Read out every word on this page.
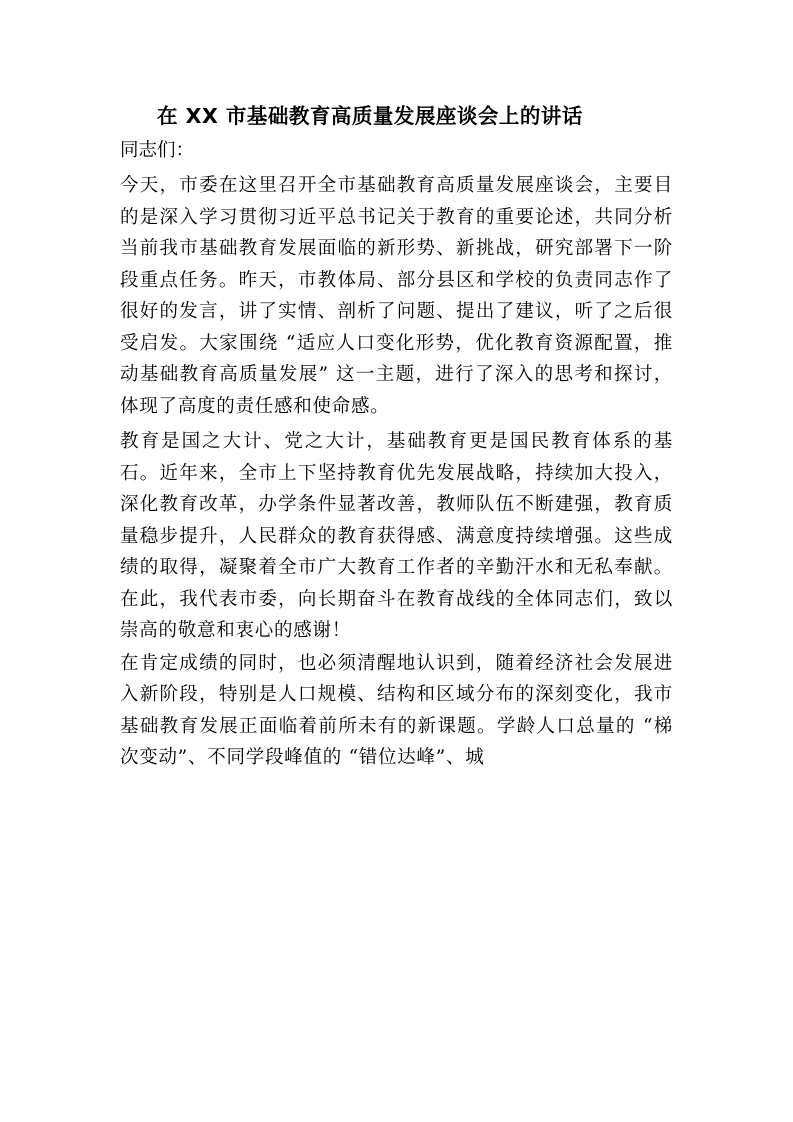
在 XX 市基础教育高质量发展座谈会上的讲话
同志们：

今天，市委在这里召开全市基础教育高质量发展座谈会，主要目的是深入学习贯彻习近平总书记关于教育的重要论述，共同分析当前我市基础教育发展面临的新形势、新挑战，研究部署下一阶段重点任务。昨天，市教体局、部分县区和学校的负责同志作了很好的发言，讲了实情、剖析了问题、提出了建议，听了之后很受启发。大家围绕 “适应人口变化形势，优化教育资源配置，推动基础教育高质量发展” 这一主题，进行了深入的思考和探讨，体现了高度的责任感和使命感。

教育是国之大计、党之大计，基础教育更是国民教育体系的基石。近年来，全市上下坚持教育优先发展战略，持续加大投入，深化教育改革，办学条件显著改善，教师队伍不断建强，教育质量稳步提升，人民群众的教育获得感、满意度持续增强。这些成绩的取得，凝聚着全市广大教育工作者的辛勤汗水和无私奉献。在此，我代表市委，向长期奋斗在教育战线的全体同志们，致以崇高的敬意和衷心的感谢！

在肯定成绩的同时，也必须清醒地认识到，随着经济社会发展进入新阶段，特别是人口规模、结构和区域分布的深刻变化，我市基础教育发展正面临着前所未有的新课题。学龄人口总量的 “梯次变动”、不同学段峰值的 “错位达峰”、城
